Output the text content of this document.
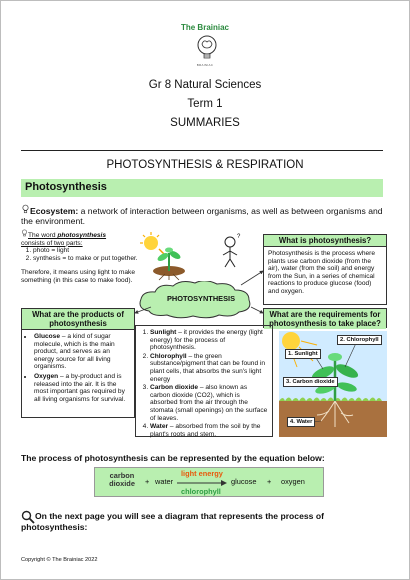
The Brainiac
BRAINIAC
Gr 8 Natural Sciences
Term 1
SUMMARIES
PHOTOSYNTHESIS & RESPIRATION
Photosynthesis
Ecosystem: a network of interaction between organisms, as well as between organisms and the environment.
The word photosynthesis
consists of two parts:
1. photo = light
2. synthesis = to make or put together.

Therefore, it means using light to make something (in this case to make food).

?
PHOTOSYNTHESIS
What is photosynthesis?
Photosynthesis is the process where plants use carbon dioxide (from the air), water (from the soil) and energy from the Sun, in a series of chemical reactions to produce glucose (food) and oxygen.
What are the products of photosynthesis
• Glucose – a kind of sugar molecule, which is the main product, and serves as an energy source for all living organisms.
• Oxygen – a by-product and is released into the air. It is the most important gas required by all living organisms for survival.
What are the requirements for photosynthesis to take place?
1. Sunlight – it provides the energy (light energy) for the process of photosynthesis.
2. Chlorophyll – the green substance/pigment that can be found in plant cells, that absorbs the sun's light energy
3. Carbon dioxide – also known as carbon dioxide (CO2), which is absorbed from the air through the stomata (small openings) on the surface of leaves.
4. Water – absorbed from the soil by the plant's roots and stem.
1. Sunlight
2. Chlorophyll
3. Carbon dioxide
4. Water
The process of photosynthesis can be represented by the equation below:
carbon dioxide + water
light energy
chlorophyll
glucose + oxygen
On the next page you will see a diagram that represents the process of photosynthesis:
Copyright © The Brainiac 2022
